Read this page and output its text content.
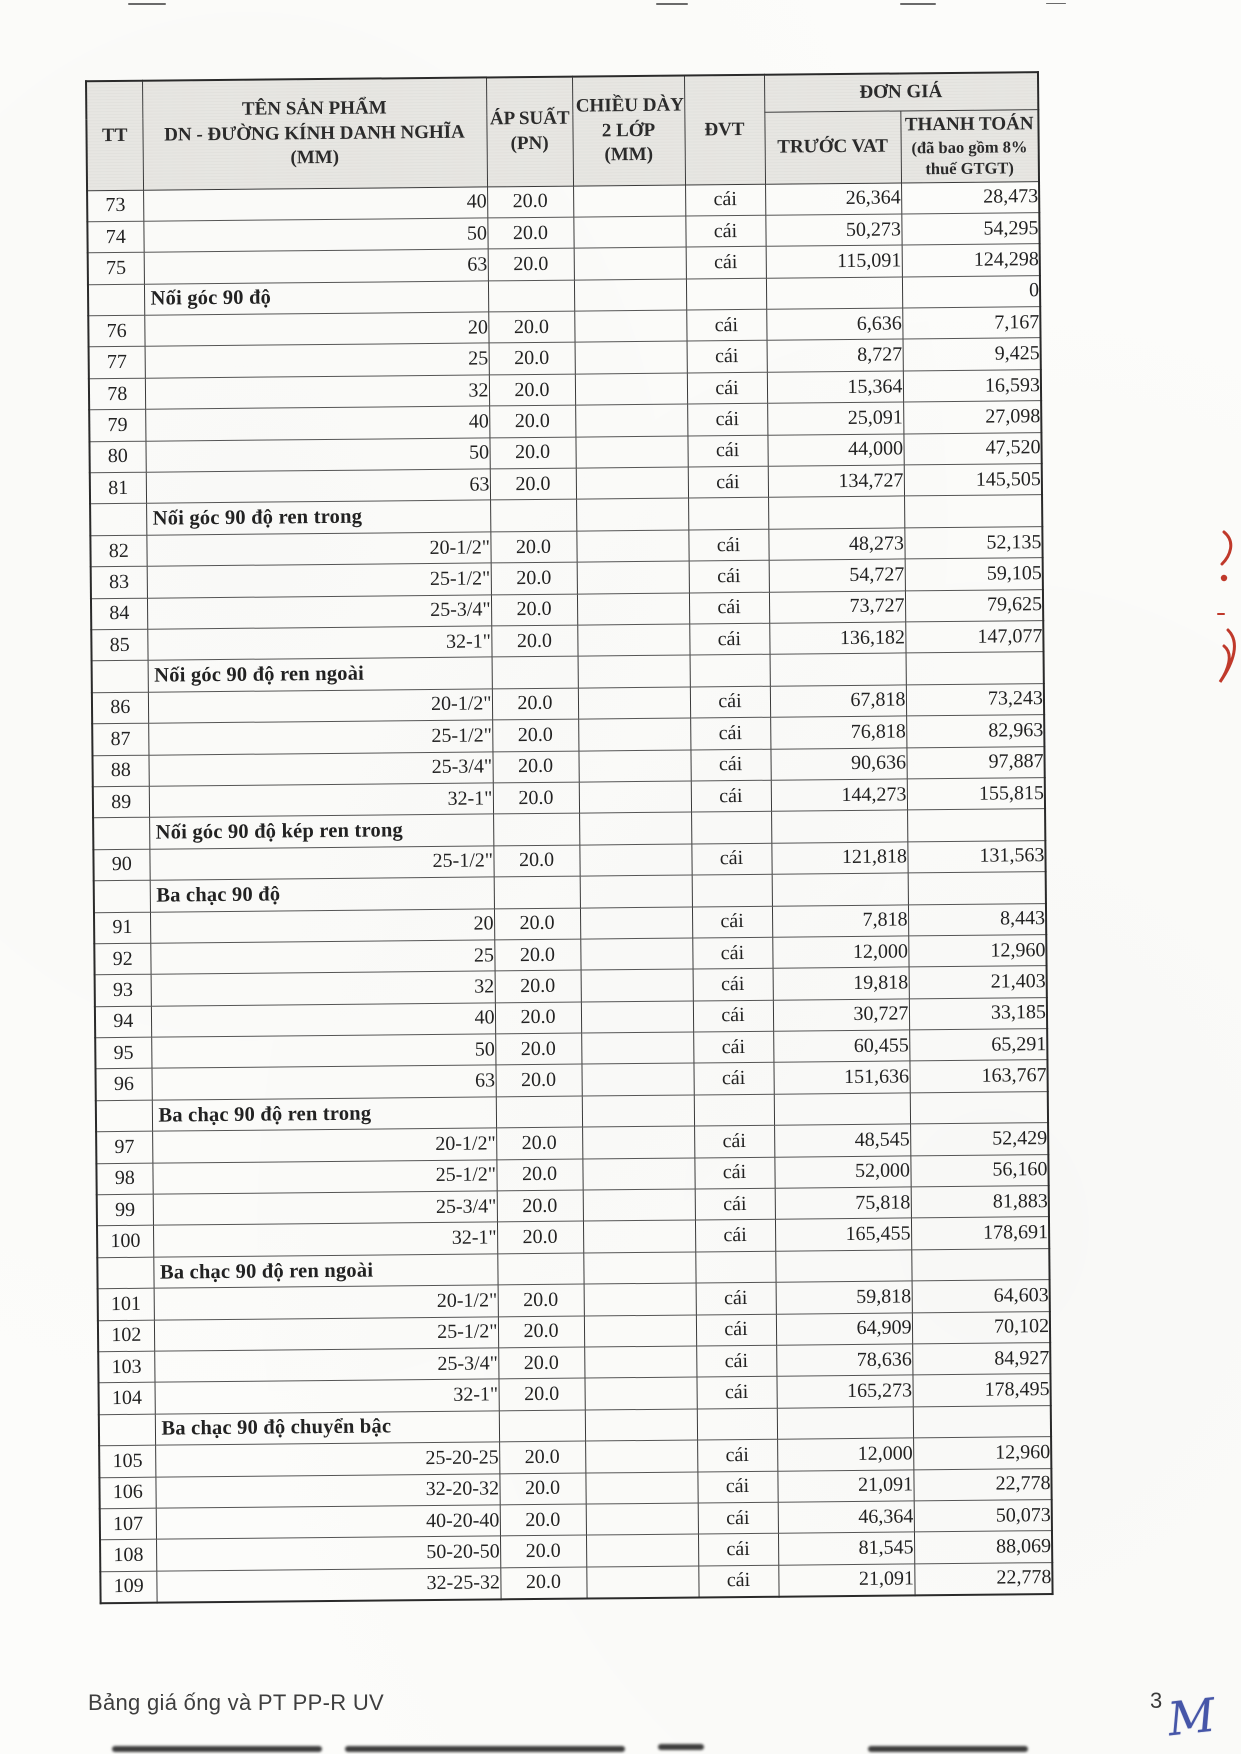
TT	TÊN SẢN PHẨM
DN - ĐƯỜNG KÍNH DANH NGHĨA
(MM)	ÁP SUẤT
(PN)	CHIỀU DÀY
2 LỚP
(MM)	ĐVT	ĐƠN GIÁ	
					TRƯỚC VAT	THANH TOÁN
(đã bao gồm 8%
thuế GTGT)

73	40	20.0		cái	26,364	28,473
74	50	20.0		cái	50,273	54,295
75	63	20.0		cái	115,091	124,298
	Nối góc 90 độ					0
76	20	20.0		cái	6,636	7,167
77	25	20.0		cái	8,727	9,425
78	32	20.0		cái	15,364	16,593
79	40	20.0		cái	25,091	27,098
80	50	20.0		cái	44,000	47,520
81	63	20.0		cái	134,727	145,505
	Nối góc 90 độ ren trong					
82	20-1/2"	20.0		cái	48,273	52,135
83	25-1/2"	20.0		cái	54,727	59,105
84	25-3/4"	20.0		cái	73,727	79,625
85	32-1"	20.0		cái	136,182	147,077
	Nối góc 90 độ ren ngoài					
86	20-1/2"	20.0		cái	67,818	73,243
87	25-1/2"	20.0		cái	76,818	82,963
88	25-3/4"	20.0		cái	90,636	97,887
89	32-1"	20.0		cái	144,273	155,815
	Nối góc 90 độ kép ren trong					
90	25-1/2"	20.0		cái	121,818	131,563
	Ba chạc 90 độ					
91	20	20.0		cái	7,818	8,443
92	25	20.0		cái	12,000	12,960
93	32	20.0		cái	19,818	21,403
94	40	20.0		cái	30,727	33,185
95	50	20.0		cái	60,455	65,291
96	63	20.0		cái	151,636	163,767
	Ba chạc 90 độ ren trong					
97	20-1/2"	20.0		cái	48,545	52,429
98	25-1/2"	20.0		cái	52,000	56,160
99	25-3/4"	20.0		cái	75,818	81,883
100	32-1"	20.0		cái	165,455	178,691
	Ba chạc 90 độ ren ngoài					
101	20-1/2"	20.0		cái	59,818	64,603
102	25-1/2"	20.0		cái	64,909	70,102
103	25-3/4"	20.0		cái	78,636	84,927
104	32-1"	20.0		cái	165,273	178,495
	Ba chạc 90 độ chuyển bậc					
105	25-20-25	20.0		cái	12,000	12,960
106	32-20-32	20.0		cái	21,091	22,778
107	40-20-40	20.0		cái	46,364	50,073
108	50-20-50	20.0		cái	81,545	88,069
109	32-25-32	20.0		cái	21,091	22,778
Bảng giá ống và PT PP-R UV	3 M
